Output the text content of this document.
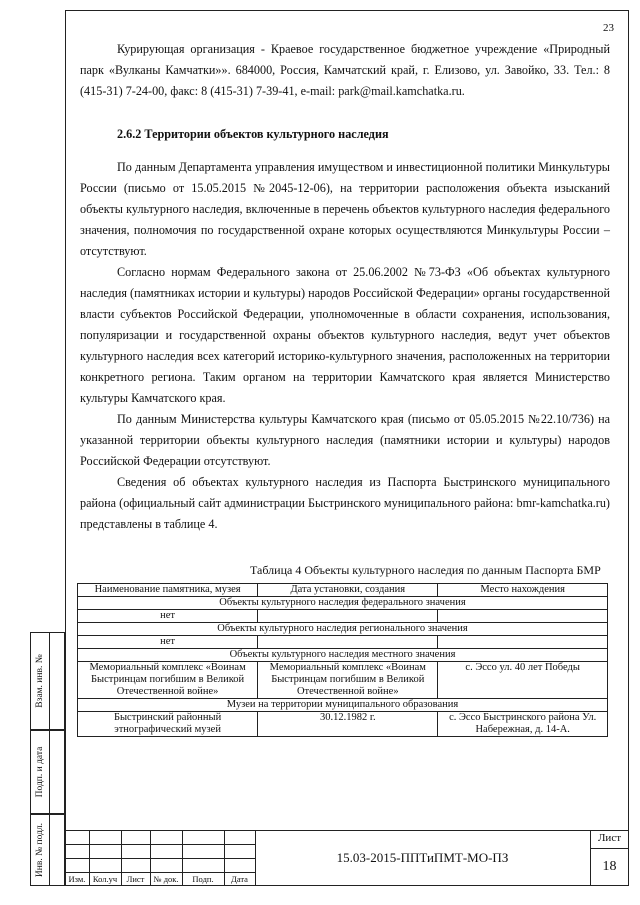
23

Курирующая организация - Краевое государственное бюджетное учреждение «Природный парк «Вулканы Камчатки»». 684000, Россия, Камчатский край, г. Елизово, ул. Завойко, 33. Тел.: 8 (415-31) 7-24-00, факс: 8 (415-31) 7-39-41, e-mail: park@mail.kamchatka.ru.

2.6.2 Территории объектов культурного наследия

По данным Департамента управления имуществом и инвестиционной политики Минкультуры России (письмо от 15.05.2015 №2045-12-06), на территории расположения объекта изысканий объекты культурного наследия, включенные в перечень объектов культурного наследия федерального значения, полномочия по государственной охране которых осуществляются Минкультуры России – отсутствуют.

Согласно нормам Федерального закона от 25.06.2002 №73-ФЗ «Об объектах культурного наследия (памятниках истории и культуры) народов Российской Федерации» органы государственной власти субъектов Российской Федерации, уполномоченные в области сохранения, использования, популяризации и государственной охраны объектов культурного наследия, ведут учет объектов культурного наследия всех категорий историко-культурного значения, расположенных на территории конкретного региона. Таким органом на территории Камчатского края является Министерство культуры Камчатского края.

По данным Министерства культуры Камчатского края (письмо от 05.05.2015 №22.10/736) на указанной территории объекты культурного наследия (памятники истории и культуры) народов Российской Федерации отсутствуют.

Сведения об объектах культурного наследия из Паспорта Быстринского муниципального района (официальный сайт администрации Быстринского муниципального района: bmr-kamchatka.ru) представлены в таблице 4.

Таблица 4 Объекты культурного наследия по данным Паспорта БМР
Наименование памятника, музея	Дата установки, создания	Место нахождения
Объекты культурного наследия федерального значения		
нет		
Объекты культурного наследия регионального значения		
нет		
Объекты культурного наследия местного значения		
Мемориальный комплекс «Воинам Быстринцам погибшим в Великой Отечественной войне»	Мемориальный комплекс «Воинам Быстринцам погибшим в Великой Отечественной войне»	с. Эссо ул. 40 лет Победы
Музеи на территории муниципального образования		
Быстринский районный этнографический музей	30.12.1982 г.	с. Эссо Быстринского района Ул. Набережная, д. 14-А.
Взам. инв. №
Подп. и дата
Инв. № подл.
Изм. Кол.уч	Лист	№ док.	Подп.	Дата
15.03-2015-ППТиПМТ-МО-ПЗ
Лист
18
